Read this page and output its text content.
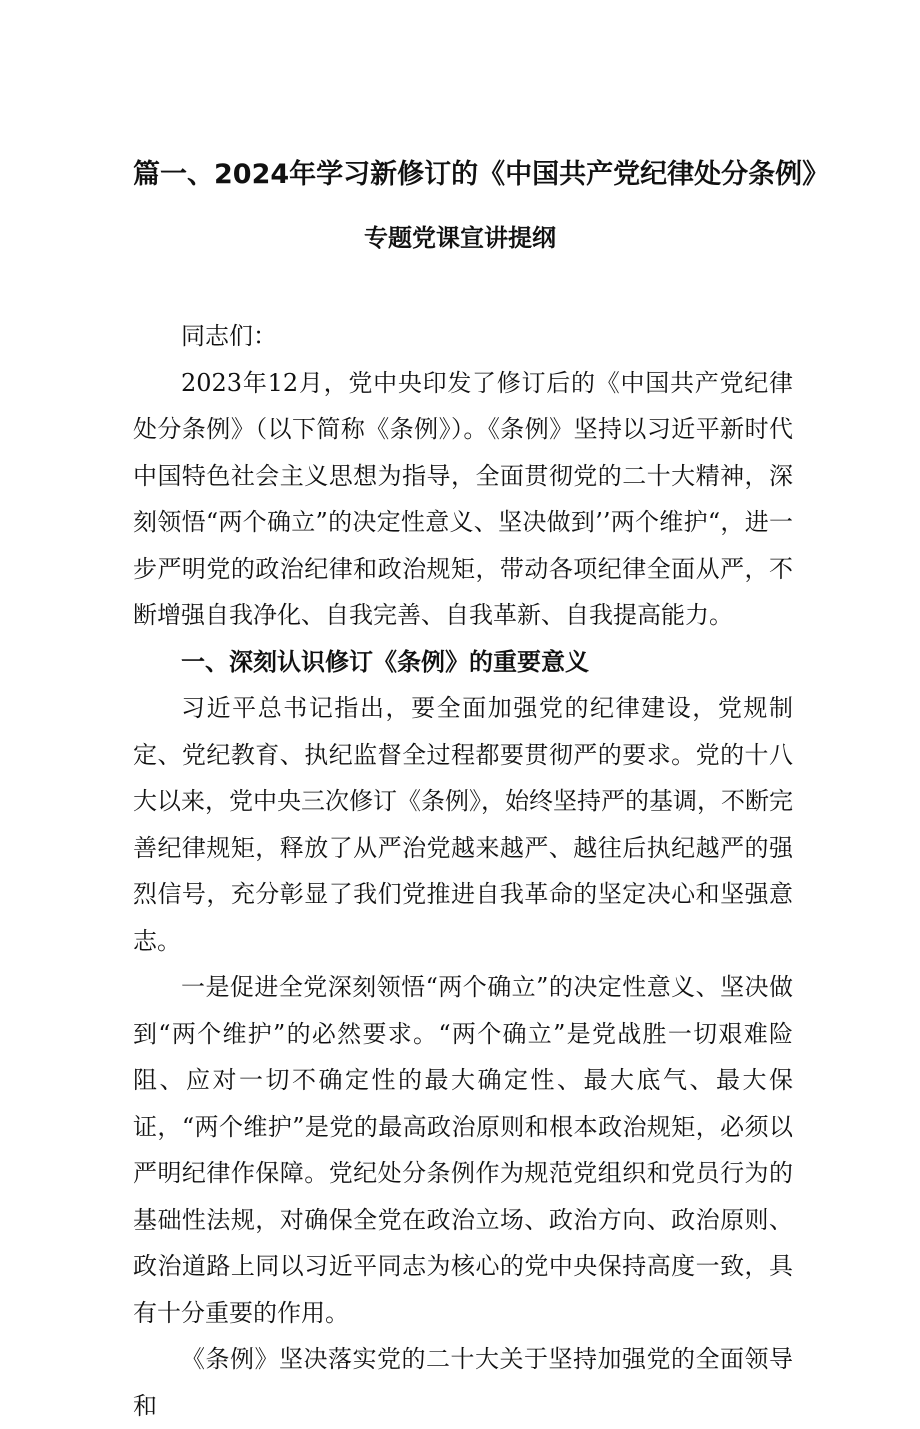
篇一、2024年学习新修订的《中国共产党纪律处分条例》
专题党课宣讲提纲

同志们：

2023年12月，党中央印发了修订后的《中国共产党纪律处分条例》（以下简称《条例》）。《条例》坚持以习近平新时代中国特色社会主义思想为指导，全面贯彻党的二十大精神，深刻领悟“两个确立”的决定性意义、坚决做到’’两个维护“，进一步严明党的政治纪律和政治规矩，带动各项纪律全面从严，不断增强自我净化、自我完善、自我革新、自我提高能力。

一、深刻认识修订《条例》的重要意义

习近平总书记指出，要全面加强党的纪律建设，党规制定、党纪教育、执纪监督全过程都要贯彻严的要求。党的十八大以来，党中央三次修订《条例》，始终坚持严的基调，不断完善纪律规矩，释放了从严治党越来越严、越往后执纪越严的强烈信号，充分彰显了我们党推进自我革命的坚定决心和坚强意志。

一是促进全党深刻领悟“两个确立”的决定性意义、坚决做到“两个维护”的必然要求。“两个确立”是党战胜一切艰难险阻、应对一切不确定性的最大确定性、最大底气、最大保证，“两个维护”是党的最高政治原则和根本政治规矩，必须以严明纪律作保障。党纪处分条例作为规范党组织和党员行为的基础性法规，对确保全党在政治立场、政治方向、政治原则、政治道路上同以习近平同志为核心的党中央保持高度一致，具有十分重要的作用。

《条例》坚决落实党的二十大关于坚持加强党的全面领导和
